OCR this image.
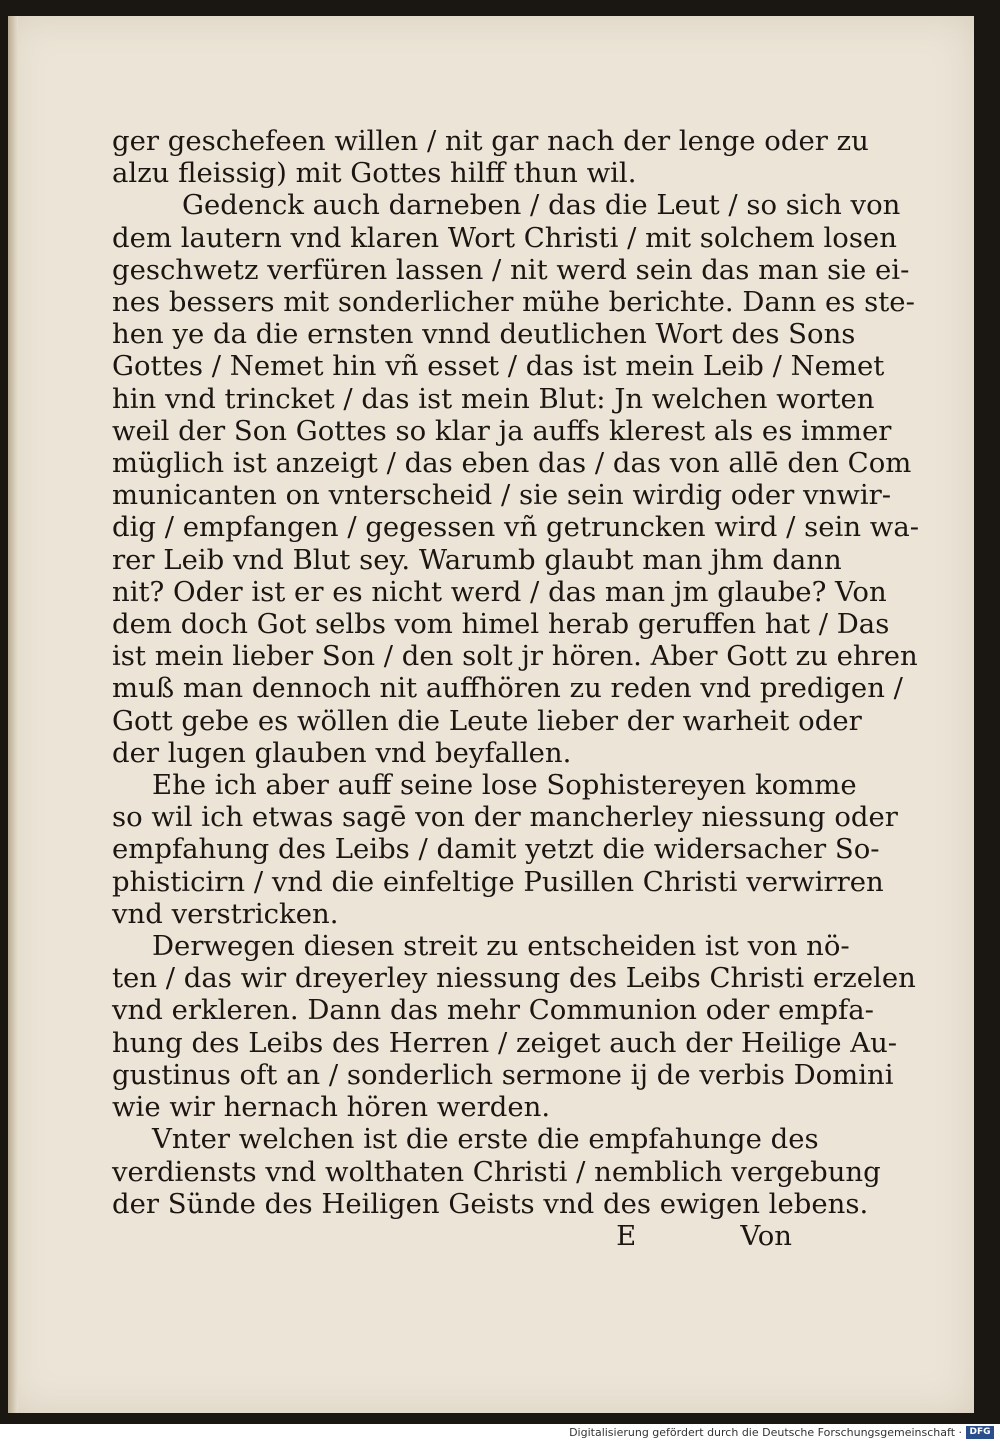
ger geschefeen willen / nit gar nach der lenge oder zu
alzu fleissig) mit Gottes hilff thun wil.
Gedenck auch darneben / das die Leut / so sich von
dem lautern vnd klaren Wort Christi / mit solchem losen
geschwetz verfüren lassen / nit werd sein das man sie ei-
nes bessers mit sonderlicher mühe berichte. Dann es ste-
hen ye da die ernsten vnnd deutlichen Wort des Sons
Gottes / Nemet hin vñ esset / das ist mein Leib / Nemet
hin vnd trincket / das ist mein Blut: Jn welchen worten
weil der Son Gottes so klar ja auffs klerest als es immer
müglich ist anzeigt / das eben das / das von allē den Com
municanten on vnterscheid / sie sein wirdig oder vnwir-
dig / empfangen / gegessen vñ getruncken wird / sein wa-
rer Leib vnd Blut sey. Warumb glaubt man jhm dann
nit? Oder ist er es nicht werd / das man jm glaube? Von
dem doch Got selbs vom himel herab geruffen hat / Das
ist mein lieber Son / den solt jr hören. Aber Gott zu ehren
muß man dennoch nit auffhören zu reden vnd predigen /
Gott gebe es wöllen die Leute lieber der warheit oder
der lugen glauben vnd beyfallen.
Ehe ich aber auff seine lose Sophistereyen komme
so wil ich etwas sagē von der mancherley niessung oder
empfahung des Leibs / damit yetzt die widersacher So-
phisticirn / vnd die einfeltige Pusillen Christi verwirren
vnd verstricken.
Derwegen diesen streit zu entscheiden ist von nö-
ten / das wir dreyerley niessung des Leibs Christi erzelen
vnd erkleren. Dann das mehr Communion oder empfa-
hung des Leibs des Herren / zeiget auch der Heilige Au-
gustinus oft an / sonderlich sermone ij de verbis Domini
wie wir hernach hören werden.
Vnter welchen ist die erste die empfahunge des
verdiensts vnd wolthaten Christi / nemblich vergebung
der Sünde des Heiligen Geists vnd des ewigen lebens.
E	Von
Digitalisierung gefördert durch die Deutsche Forschungsgemeinschaft · DFG
